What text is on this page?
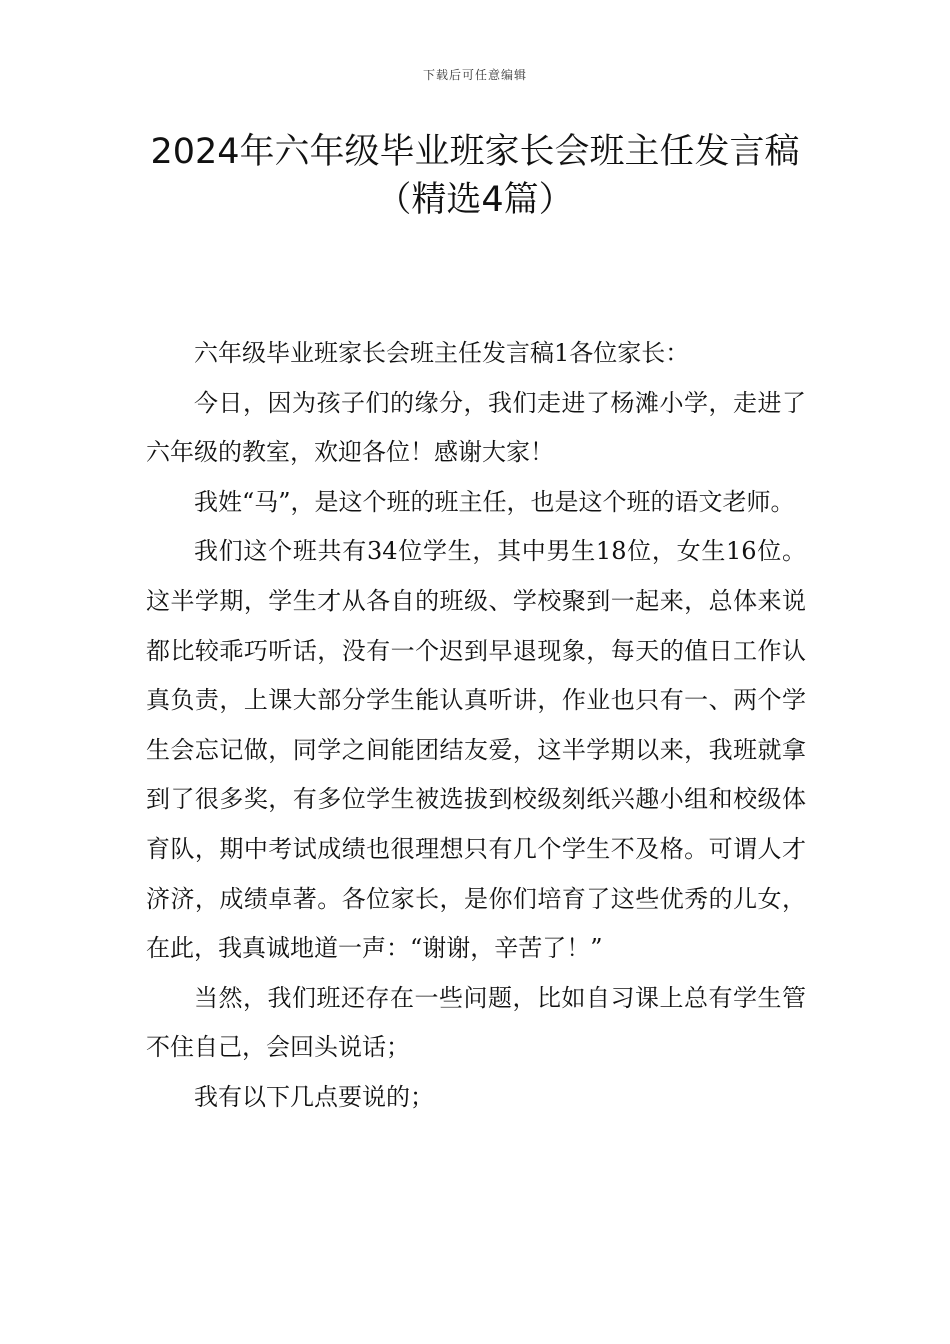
下载后可任意编辑
2024年六年级毕业班家长会班主任发言稿
（精选4篇）

六年级毕业班家长会班主任发言稿1各位家长：

今日，因为孩子们的缘分，我们走进了杨滩小学，走进了六年级的教室，欢迎各位！感谢大家！

我姓“马”，是这个班的班主任，也是这个班的语文老师。

我们这个班共有34位学生，其中男生18位，女生16位。这半学期，学生才从各自的班级、学校聚到一起来，总体来说都比较乖巧听话，没有一个迟到早退现象，每天的值日工作认真负责，上课大部分学生能认真听讲，作业也只有一、两个学生会忘记做，同学之间能团结友爱，这半学期以来，我班就拿到了很多奖，有多位学生被选拔到校级刻纸兴趣小组和校级体育队，期中考试成绩也很理想只有几个学生不及格。可谓人才济济，成绩卓著。各位家长，是你们培育了这些优秀的儿女，在此，我真诚地道一声：“谢谢，辛苦了！”

当然，我们班还存在一些问题，比如自习课上总有学生管不住自己，会回头说话；

我有以下几点要说的；
